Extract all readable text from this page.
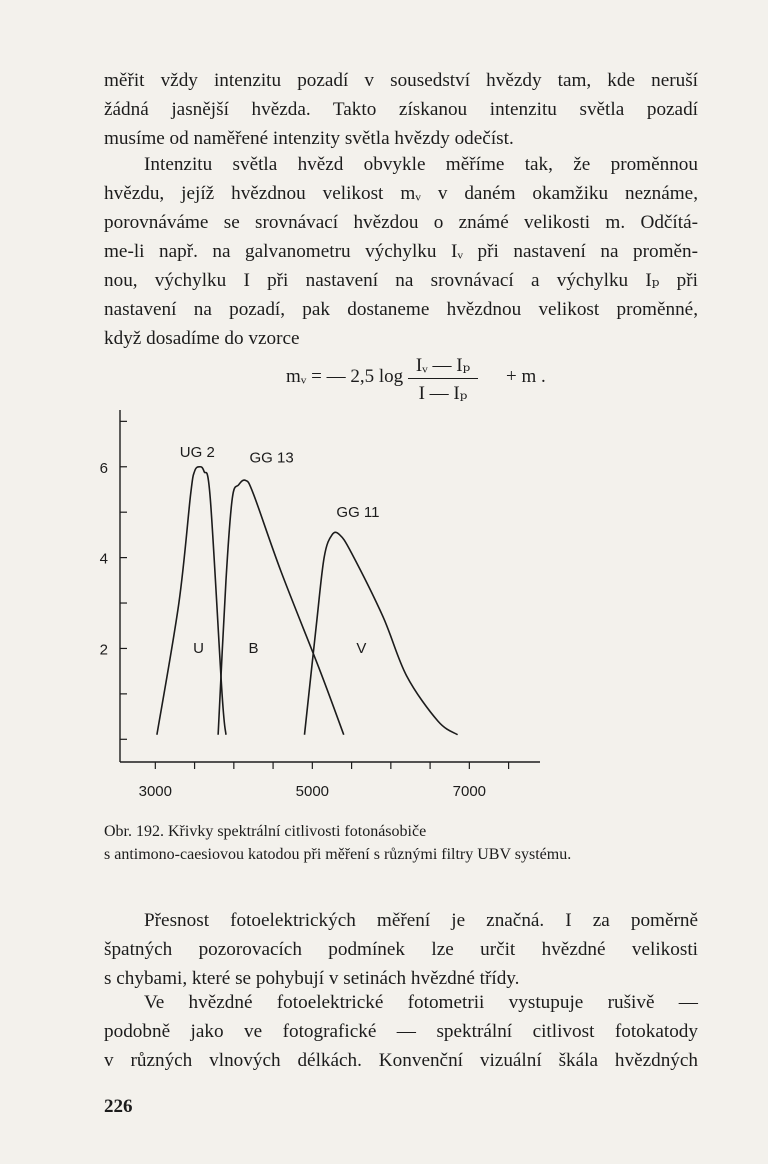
měřit vždy intenzitu pozadí v sousedství hvězdy tam, kde neruší
žádná jasnější hvězda. Takto získanou intenzitu světla pozadí
musíme od naměřené intenzity světla hvězdy odečíst.

Intenzitu světla hvězd obvykle měříme tak, že proměnnou
hvězdu, jejíž hvězdnou velikost mᵥ v daném okamžiku neznáme,
porovnáváme se srovnávací hvězdou o známé velikosti m. Odčítá-
me-li např. na galvanometru výchylku Iᵥ při nastavení na proměn-
nou, výchylku I při nastavení na srovnávací a výchylku Iₚ při
nastavení na pozadí, pak dostaneme hvězdnou velikost proměnné,
když dosadíme do vzorce

mᵥ = — 2,5 $\log \frac{\text{Iᵥ — Iₚ}}{\text{I — Iₚ}} + m$ .
2
4
6
3000	5000	7000
UG 2
U
GG 13
B
GG 11
V

Obr. 192. Křivky spektrální citlivosti fotonásobiče
s antimono-caesiovou katodou při měření s různými filtry UBV systému.

Přesnost fotoelektrických měření je značná. I za poměrně
špatných pozorovacích podmínek lze určit hvězdné velikosti
s chybami, které se pohybují v setinách hvězdné třídy.

Ve hvězdné fotoelektrické fotometrii vystupuje rušivě —
podobně jako ve fotografické — spektrální citlivost fotokatody
v různých vlnových délkách. Konvenční vizuální škála hvězdných

226
